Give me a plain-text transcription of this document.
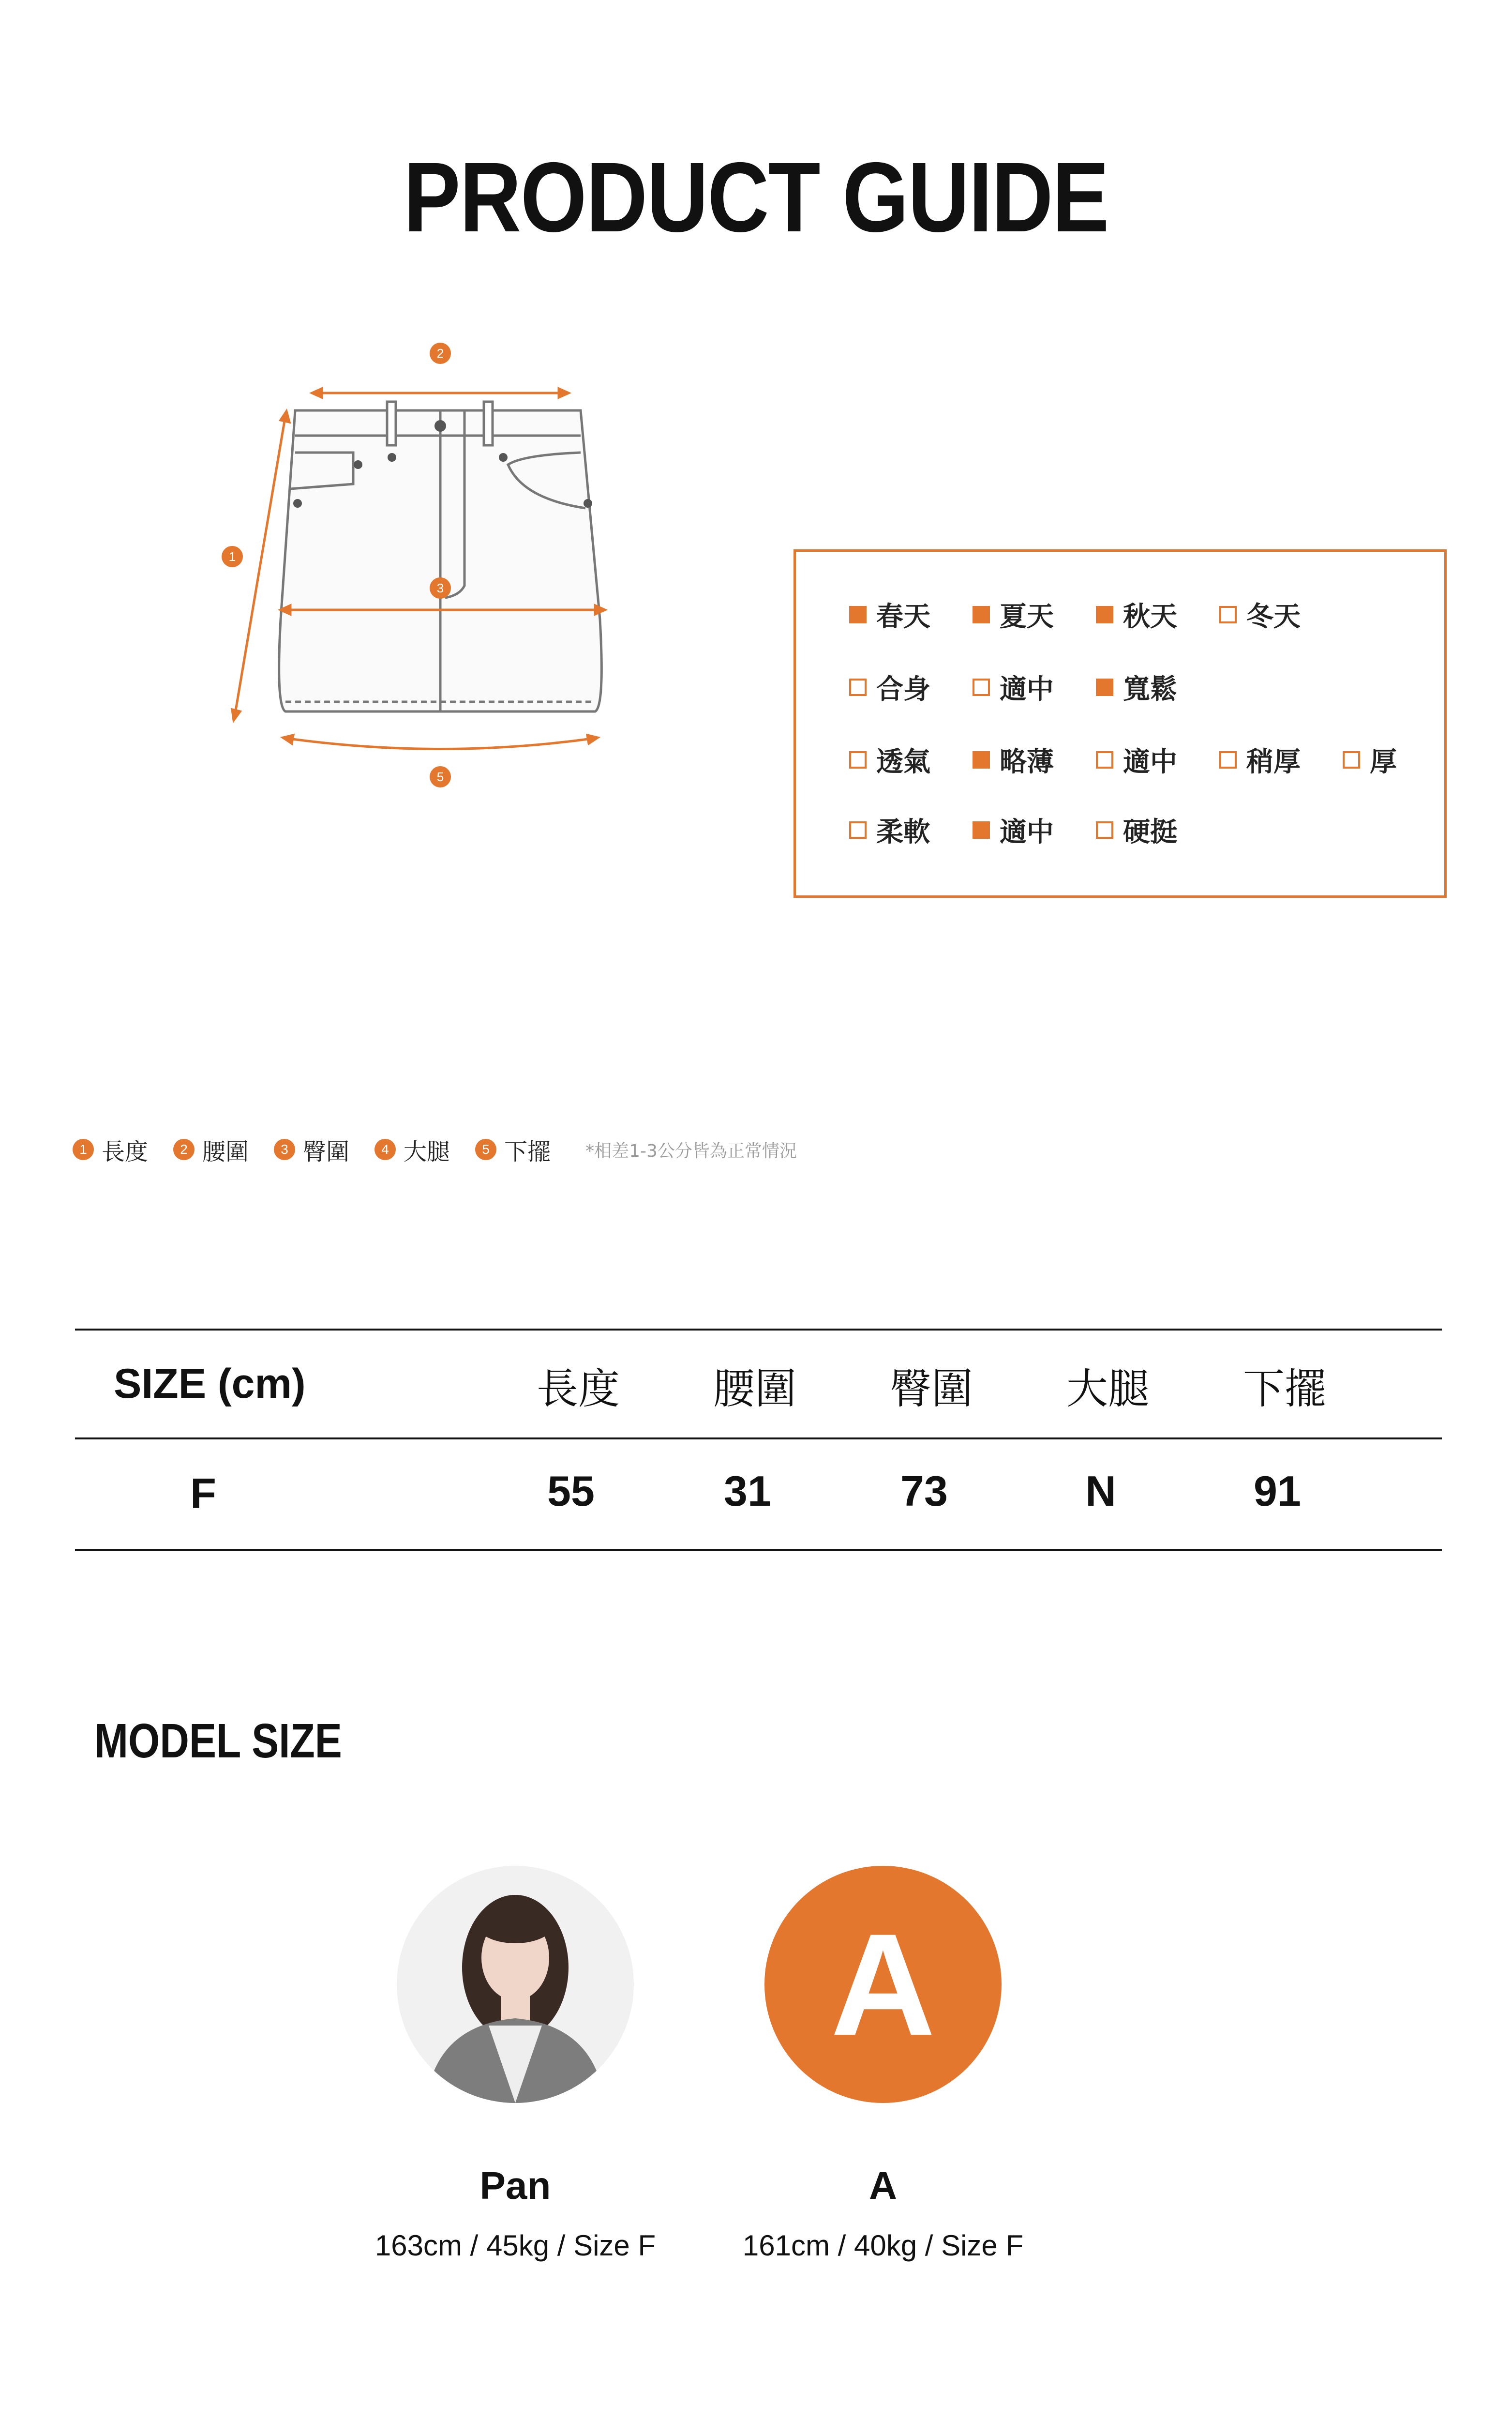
PRODUCT GUIDE
2
1
3
5
春天	夏天	秋天	冬天
合身	適中	寬鬆
透氣	略薄	適中	稍厚	厚
柔軟	適中	硬挺
1 長度	2 腰圍	3 臀圍	4 大腿	5 下擺 *相差1-3公分皆為正常情況
SIZE (cm)	長度	腰圍	臀圍	大腿	下擺
F	55	31	73	N	91
MODEL SIZE
A
Pan
163cm / 45kg / Size F
A
161cm / 40kg / Size F
